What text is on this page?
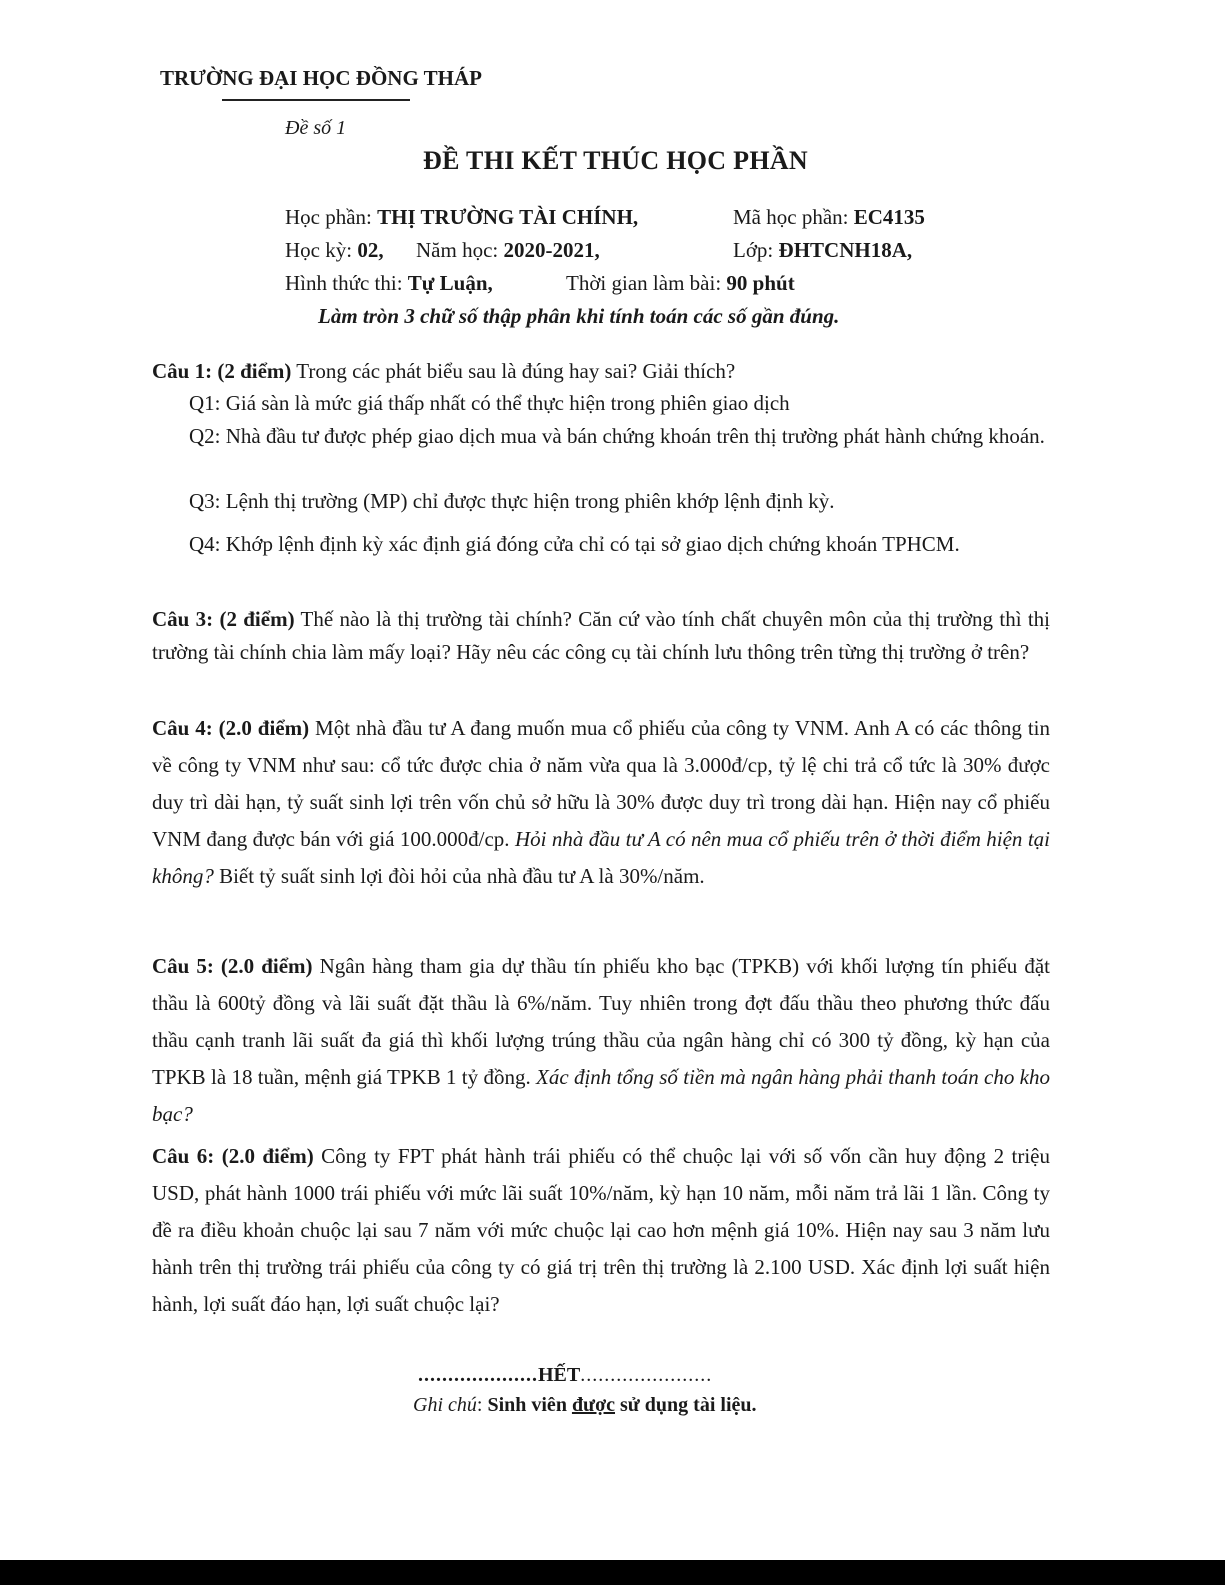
TRƯỜNG ĐẠI HỌC ĐỒNG THÁP
Đề số 1
ĐỀ THI KẾT THÚC HỌC PHẦN
Học phần: THỊ TRƯỜNG TÀI CHÍNH,	Mã học phần: EC4135
Học kỳ: 02, Năm học: 2020-2021,	Lớp: ĐHTCNH18A,
Hình thức thi: Tự Luận,	Thời gian làm bài: 90 phút
Làm tròn 3 chữ số thập phân khi tính toán các số gần đúng.
Câu 1: (2 điểm) Trong các phát biểu sau là đúng hay sai? Giải thích?
Q1: Giá sàn là mức giá thấp nhất có thể thực hiện trong phiên giao dịch
Q2: Nhà đầu tư được phép giao dịch mua và bán chứng khoán trên thị trường phát hành chứng khoán.
Q3: Lệnh thị trường (MP) chỉ được thực hiện trong phiên khớp lệnh định kỳ.
Q4: Khớp lệnh định kỳ xác định giá đóng cửa chỉ có tại sở giao dịch chứng khoán TPHCM.
Câu 3: (2 điểm) Thế nào là thị trường tài chính? Căn cứ vào tính chất chuyên môn của thị trường thì thị trường tài chính chia làm mấy loại? Hãy nêu các công cụ tài chính lưu thông trên từng thị trường ở trên?
Câu 4: (2.0 điểm) Một nhà đầu tư A đang muốn mua cổ phiếu của công ty VNM. Anh A có các thông tin về công ty VNM như sau: cổ tức được chia ở năm vừa qua là 3.000đ/cp, tỷ lệ chi trả cổ tức là 30% được duy trì dài hạn, tỷ suất sinh lợi trên vốn chủ sở hữu là 30% được duy trì trong dài hạn. Hiện nay cổ phiếu VNM đang được bán với giá 100.000đ/cp. Hỏi nhà đầu tư A có nên mua cổ phiếu trên ở thời điểm hiện tại không? Biết tỷ suất sinh lợi đòi hỏi của nhà đầu tư A là 30%/năm.
Câu 5: (2.0 điểm) Ngân hàng tham gia dự thầu tín phiếu kho bạc (TPKB) với khối lượng tín phiếu đặt thầu là 600tỷ đồng và lãi suất đặt thầu là 6%/năm. Tuy nhiên trong đợt đấu thầu theo phương thức đấu thầu cạnh tranh lãi suất đa giá thì khối lượng trúng thầu của ngân hàng chỉ có 300 tỷ đồng, kỳ hạn của TPKB là 18 tuần, mệnh giá TPKB 1 tỷ đồng. Xác định tổng số tiền mà ngân hàng phải thanh toán cho kho bạc?
Câu 6: (2.0 điểm) Công ty FPT phát hành trái phiếu có thể chuộc lại với số vốn cần huy động 2 triệu USD, phát hành 1000 trái phiếu với mức lãi suất 10%/năm, kỳ hạn 10 năm, mỗi năm trả lãi 1 lần. Công ty đề ra điều khoản chuộc lại sau 7 năm với mức chuộc lại cao hơn mệnh giá 10%. Hiện nay sau 3 năm lưu hành trên thị trường trái phiếu của công ty có giá trị trên thị trường là 2.100 USD. Xác định lợi suất hiện hành, lợi suất đáo hạn, lợi suất chuộc lại?
....................HẾT......................
Ghi chú: Sinh viên được sử dụng tài liệu.
